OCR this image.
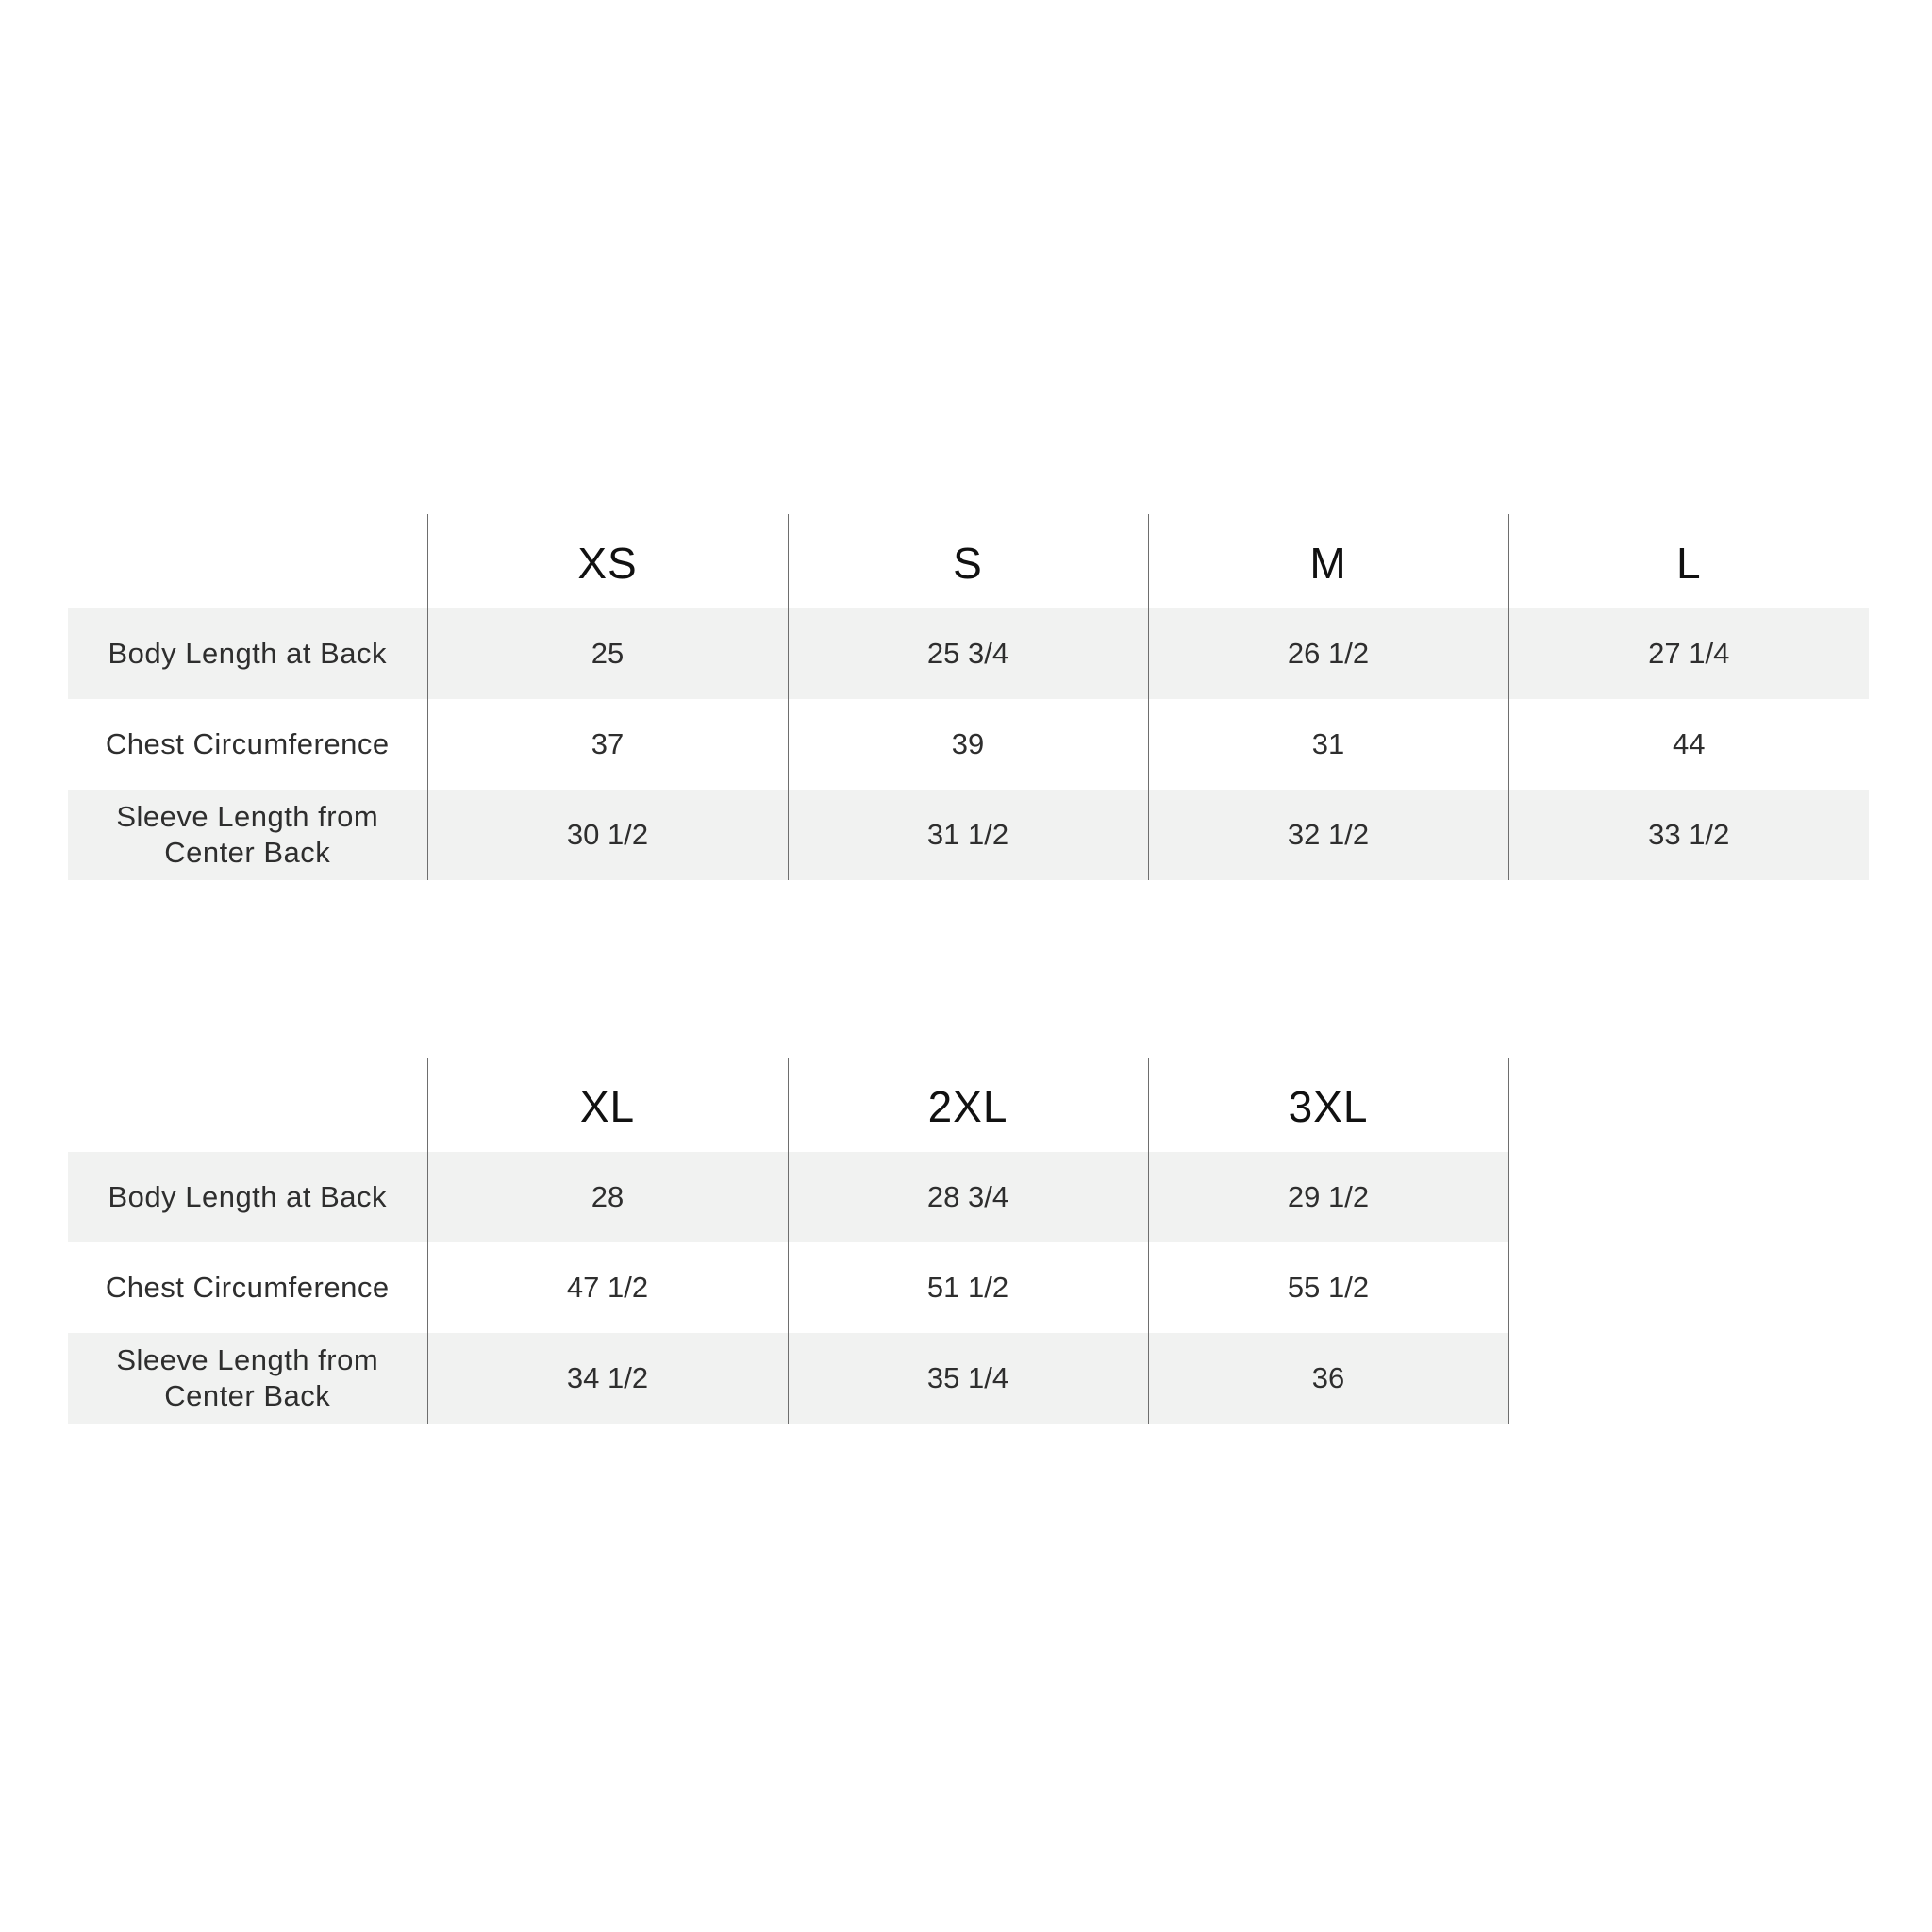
	XS	S	M	L
Body Length at Back	25	25 3/4	26 1/2	27 1/4
Chest Circumference	37	39	31	44
Sleeve Length from Center Back	30 1/2	31 1/2	32 1/2	33 1/2
	XL	2XL	3XL
Body Length at Back	28	28 3/4	29 1/2
Chest Circumference	47 1/2	51 1/2	55 1/2
Sleeve Length from Center Back	34 1/2	35 1/4	36
